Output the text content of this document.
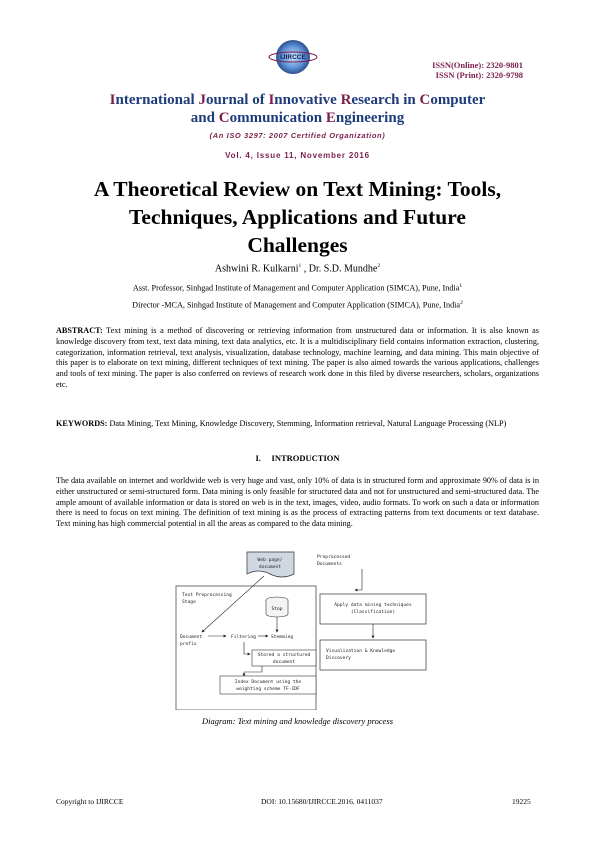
IJIRCCE
ISSN(Online): 2320-9801
ISSN (Print): 2320-9798
International Journal of Innovative Research in Computer
and Communication Engineering
(An ISO 3297: 2007 Certified Organization)
Vol. 4, Issue 11, November 2016
A Theoretical Review on Text Mining: Tools,
Techniques, Applications and Future
Challenges
Ashwini R. Kulkarni$^1$ , Dr. S.D. Mundhe$^2$
Asst. Professor, Sinhgad Institute of Management and Computer Application (SIMCA), Pune, India$^1$
Director -MCA, Sinhgad Institute of Management and Computer Application (SIMCA), Pune, India$^2$
ABSTRACT: Text mining is a method of discovering or retrieving information from unstructured data or information. It is also known as knowledge discovery from text, text data mining, text data analytics, etc. It is a multidisciplinary field contains information extraction, clustering, categorization, information retrieval, text analysis, visualization, database technology, machine learning, and data mining. This main objective of this paper is to elaborate on text mining, different techniques of text mining. The paper is also aimed towards the various applications, challenges and tools of text mining. The paper is also conferred on reviews of research work done in this filed by diverse researchers, scholars, organizations etc.
KEYWORDS: Data Mining, Text Mining, Knowledge Discovery, Stemming, Information retrieval, Natural Language Processing (NLP)
I. INTRODUCTION
The data available on internet and worldwide web is very huge and vast, only 10% of data is in structured form and approximate 90% of data is in either unstructured or semi-structured form. Data mining is only feasible for structured data and not for unstructured and semi-structured data. The ample amount of available information or data is stored on web is in the text, images, video, audio formats. To work on such a data or information there is need to focus on text mining. The definition of text mining is as the process of extracting patterns from text documents or text database. Text mining has high commercial potential in all the areas as compared to the data mining.
Web page/
document
Preprocessed
Documents
Text Preprocessing
Stage
Stop
Document
prefix
Filtering	Stemming
Stored a structured
document
Index Document using the
weighting scheme TF-IDF
Apply data mining techniques
(Classification)
Visualization & Knowledge
Discovery
Diagram: Text mining and knowledge discovery process
Copyright to IJIRCCE	DOI: 10.15680/IJIRCCE.2016. 0411037	19225
